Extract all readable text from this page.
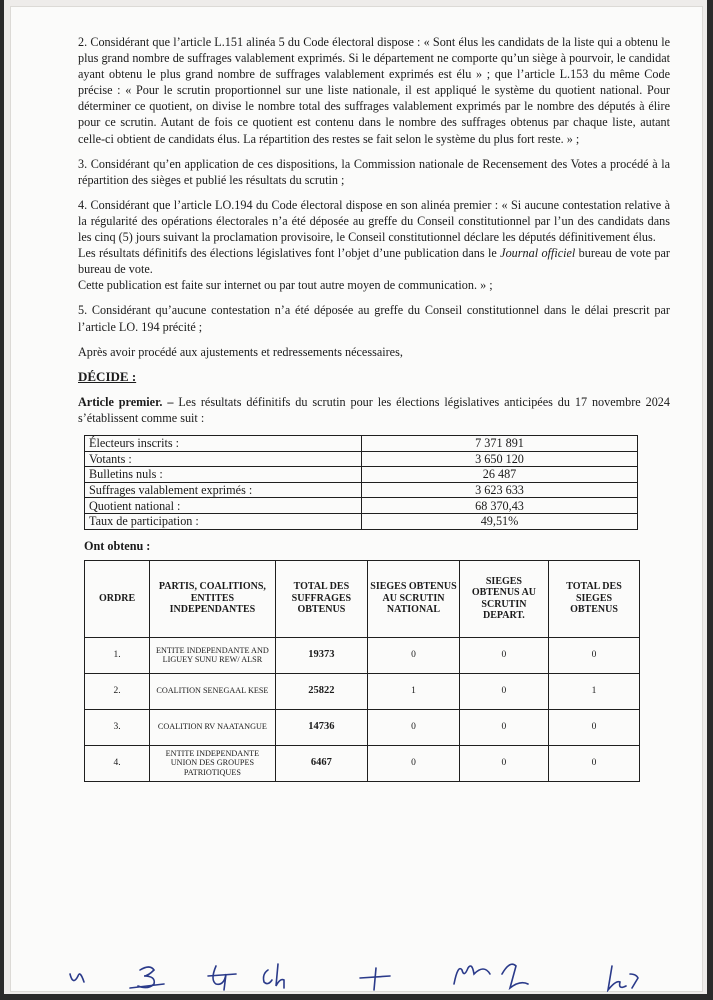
2. Considérant que l’article L.151 alinéa 5 du Code électoral dispose : « Sont élus les candidats de la liste qui a obtenu le plus grand nombre de suffrages valablement exprimés. Si le département ne comporte qu’un siège à pourvoir, le candidat ayant obtenu le plus grand nombre de suffrages valablement exprimés est élu » ; que l’article L.153 du même Code précise : « Pour le scrutin proportionnel sur une liste nationale, il est appliqué le système du quotient national. Pour déterminer ce quotient, on divise le nombre total des suffrages valablement exprimés par le nombre des députés à élire pour ce scrutin. Autant de fois ce quotient est contenu dans le nombre des suffrages obtenus par chaque liste, autant celle-ci obtient de candidats élus. La répartition des restes se fait selon le système du plus fort reste. » ;

3. Considérant qu’en application de ces dispositions, la Commission nationale de Recensement des Votes a procédé à la répartition des sièges et publié les résultats du scrutin ;

4. Considérant que l’article LO.194 du Code électoral dispose en son alinéa premier : « Si aucune contestation relative à la régularité des opérations électorales n’a été déposée au greffe du Conseil constitutionnel par l’un des candidats dans les cinq (5) jours suivant la proclamation provisoire, le Conseil constitutionnel déclare les députés définitivement élus.

Les résultats définitifs des élections législatives font l’objet d’une publication dans le Journal officiel bureau de vote par bureau de vote.

Cette publication est faite sur internet ou par tout autre moyen de communication. » ;

5. Considérant qu’aucune contestation n’a été déposée au greffe du Conseil constitutionnel dans le délai prescrit par l’article LO. 194 précité ;

Après avoir procédé aux ajustements et redressements nécessaires,

DÉCIDE :

Article premier. – Les résultats définitifs du scrutin pour les élections législatives anticipées du 17 novembre 2024 s’établissent comme suit :

Électeurs inscrits :	7 371 891
Votants :	3 650 120
Bulletins nuls :	26 487
Suffrages valablement exprimés :	3 623 633
Quotient national :	68 370,43
Taux de participation :	49,51%
Ont obtenu :
ORDRE	PARTIS, COALITIONS, ENTITES INDEPENDANTES	TOTAL DES SUFFRAGES OBTENUS	SIEGES OBTENUS AU SCRUTIN NATIONAL	SIEGES OBTENUS AU SCRUTIN DEPART.	TOTAL DES SIEGES OBTENUS
1.	ENTITE INDEPENDANTE AND LIGUEY SUNU REW/ ALSR	19373	0	0	0
2.	COALITION SENEGAAL KESE	25822	1	0	1
3.	COALITION RV NAATANGUE	14736	0	0	0
4.	ENTITE INDEPENDANTE UNION DES GROUPES PATRIOTIQUES	6467	0	0	0
